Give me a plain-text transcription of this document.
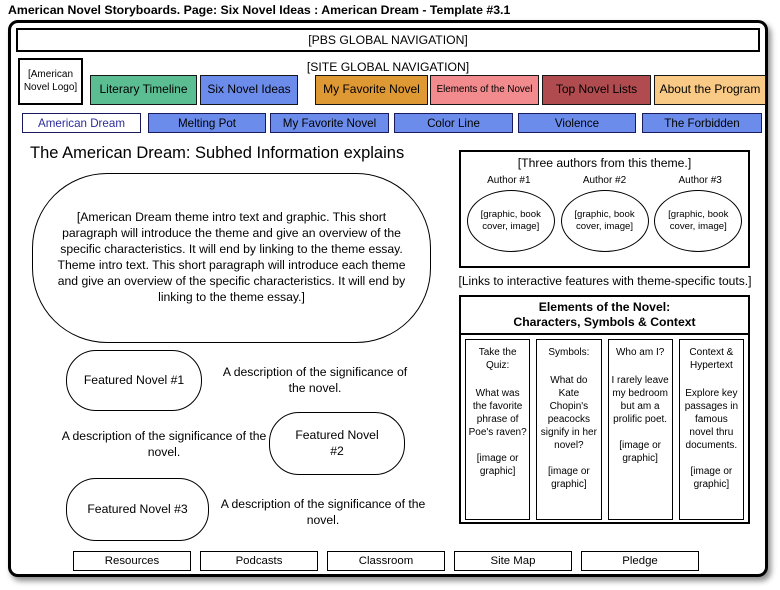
American Novel Storyboards. Page: Six Novel Ideas : American Dream - Template #3.1
[PBS GLOBAL NAVIGATION]
[SITE GLOBAL NAVIGATION]
[American Novel Logo] Literary Timeline Six Novel Ideas	My Favorite Novel Elements of the Novel Top Novel Lists About the Program
American Dream	Melting Pot	My Favorite Novel	Color Line	Violence	The Forbidden
The American Dream: Subhed Information explains

[American Dream theme intro text and graphic. This short paragraph will introduce the theme and give an overview of the specific characteristics. It will end by linking to the theme essay. Theme intro text. This short paragraph will introduce each theme and give an overview of the specific characteristics. It will end by linking to the theme essay.]

Featured Novel #1
A description of the significance of the novel.
Featured Novel #2
A description of the significance of the novel.
Featured Novel #3	A description of the significance of the novel.
[Three authors from this theme.]
Author #1	Author #2	Author #3
[graphic, book cover, image]
[graphic, book cover, image]
[graphic, book cover, image]
[Links to interactive features with theme-specific touts.]
Elements of the Novel:
Characters, Symbols & Context

Take the Quiz:

What was the favorite phrase of Poe's raven?

[image or graphic]

Symbols:

What do Kate Chopin's peacocks signify in her novel?

[image or graphic]

Who am I?

I rarely leave my bedroom but am a prolific poet.

[image or graphic]

Context & Hypertext

Explore key passages in famous novel thru documents.

[image or graphic]

Resources	Podcasts	Classroom	Site Map	Pledge
